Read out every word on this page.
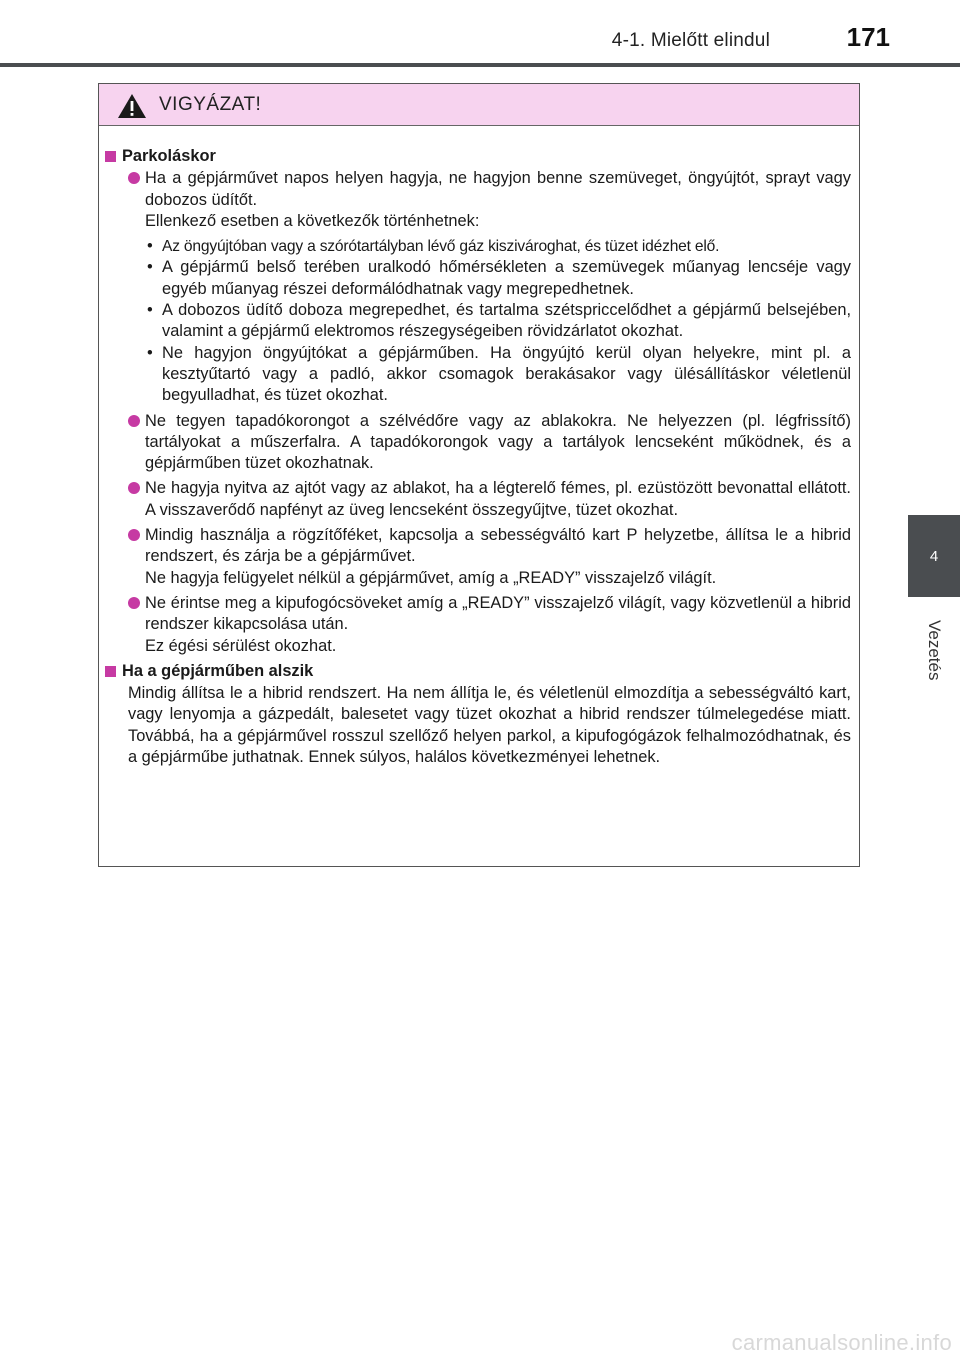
4-1. Mielőtt elindul	171
4
Vezetés
VIGYÁZAT!
Parkoláskor

Ha a gépjárművet napos helyen hagyja, ne hagyjon benne szemüveget, öngyújtót, sprayt vagy dobozos üdítőt.

Ellenkező esetben a következők történhetnek:

• Az öngyújtóban vagy a szórótartályban lévő gáz kiszivároghat, és tüzet idézhet elő.
• A gépjármű belső terében uralkodó hőmérsékleten a szemüvegek műanyag lencséje vagy egyéb műanyag részei deformálódhatnak vagy megrepedhetnek.
• A dobozos üdítő doboza megrepedhet, és tartalma szétspriccelődhet a gépjármű belsejében, valamint a gépjármű elektromos részegységeiben rövidzárlatot okozhat.
• Ne hagyjon öngyújtókat a gépjárműben. Ha öngyújtó kerül olyan helyekre, mint pl. a kesztyűtartó vagy a padló, akkor csomagok berakásakor vagy ülésállításkor véletlenül begyulladhat, és tüzet okozhat.

Ne tegyen tapadókorongot a szélvédőre vagy az ablakokra. Ne helyezzen (pl. légfrissítő) tartályokat a műszerfalra. A tapadókorongok vagy a tartályok lencseként működnek, és a gépjárműben tüzet okozhatnak.

Ne hagyja nyitva az ajtót vagy az ablakot, ha a légterelő fémes, pl. ezüstözött bevonattal ellátott. A visszaverődő napfényt az üveg lencseként összegyűjtve, tüzet okozhat.

Mindig használja a rögzítőféket, kapcsolja a sebességváltó kart P helyzetbe, állítsa le a hibrid rendszert, és zárja be a gépjárművet.

Ne hagyja felügyelet nélkül a gépjárművet, amíg a „READY” visszajelző világít.

Ne érintse meg a kipufogócsöveket amíg a „READY” visszajelző világít, vagy közvetlenül a hibrid rendszer kikapcsolása után.

Ez égési sérülést okozhat.

Ha a gépjárműben alszik

Mindig állítsa le a hibrid rendszert. Ha nem állítja le, és véletlenül elmozdítja a sebességváltó kart, vagy lenyomja a gázpedált, balesetet vagy tüzet okozhat a hibrid rendszer túlmelegedése miatt. Továbbá, ha a gépjárművel rosszul szellőző helyen parkol, a kipufogógázok felhalmozódhatnak, és a gépjárműbe juthatnak. Ennek súlyos, halálos következményei lehetnek.

carmanualsonline.info
